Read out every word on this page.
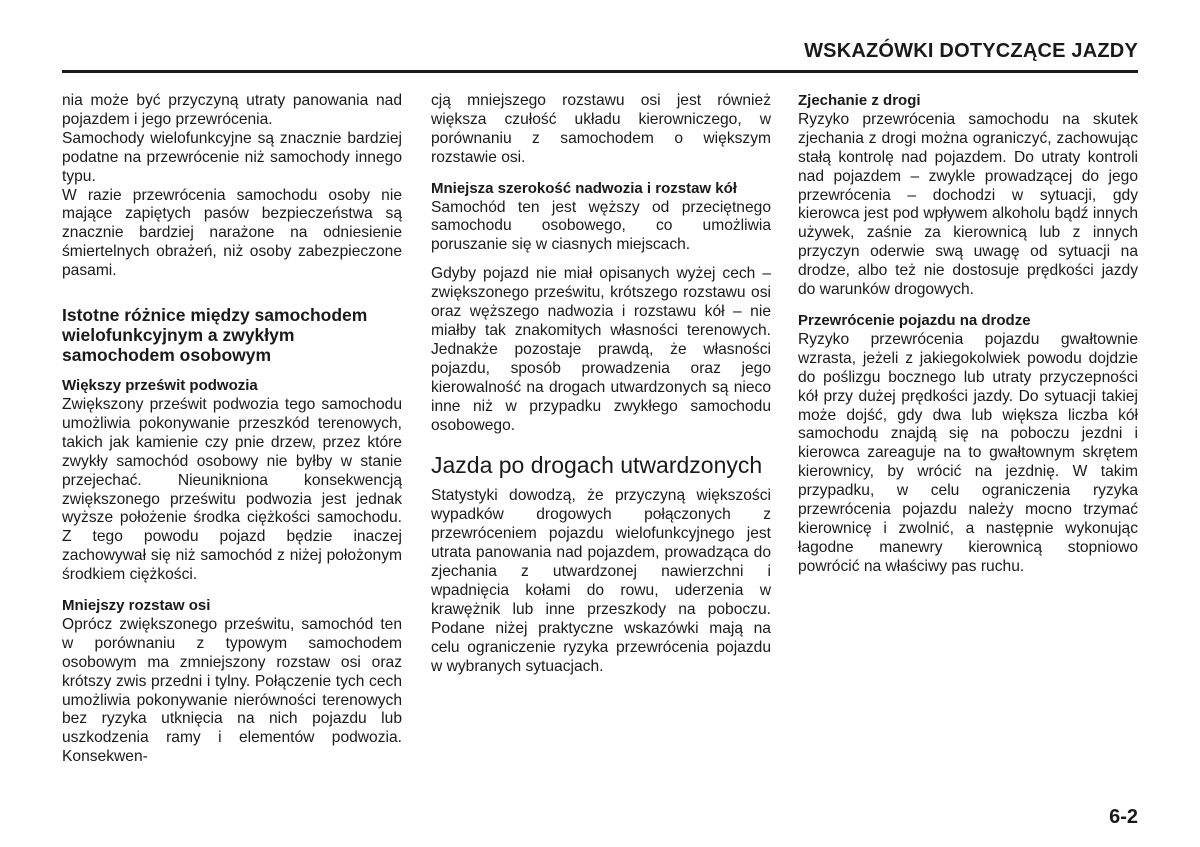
WSKAZÓWKI DOTYCZĄCE JAZDY

nia może być przyczyną utraty panowania nad pojazdem i jego przewrócenia.

Samochody wielofunkcyjne są znacznie bardziej podatne na przewrócenie niż samochody innego typu.

W razie przewrócenia samochodu osoby nie mające zapiętych pasów bezpieczeństwa są znacznie bardziej narażone na odniesienie śmiertelnych obrażeń, niż osoby zabezpieczone pasami.

Istotne różnice między samochodem wielofunkcyjnym a zwykłym samochodem osobowym
Większy prześwit podwozia

Zwiększony prześwit podwozia tego samochodu umożliwia pokonywanie przeszkód terenowych, takich jak kamienie czy pnie drzew, przez które zwykły samochód osobowy nie byłby w stanie przejechać. Nieunikniona konsekwencją zwiększonego prześwitu podwozia jest jednak wyższe położenie środka ciężkości samochodu. Z tego powodu pojazd będzie inaczej zachowywał się niż samochód z niżej położonym środkiem ciężkości.

Mniejszy rozstaw osi

Oprócz zwiększonego prześwitu, samochód ten w porównaniu z typowym samochodem osobowym ma zmniejszony rozstaw osi oraz krótszy zwis przedni i tylny. Połączenie tych cech umożliwia pokonywanie nierówności terenowych bez ryzyka utknięcia na nich pojazdu lub uszkodzenia ramy i elementów podwozia. Konsekwen-

cją mniejszego rozstawu osi jest również większa czułość układu kierowniczego, w porównaniu z samochodem o większym rozstawie osi.

Mniejsza szerokość nadwozia i rozstaw kół

Samochód ten jest węższy od przeciętnego samochodu osobowego, co umożliwia poruszanie się w ciasnych miejscach.

Gdyby pojazd nie miał opisanych wyżej cech – zwiększonego prześwitu, krótszego rozstawu osi oraz węższego nadwozia i rozstawu kół – nie miałby tak znakomitych własności terenowych. Jednakże pozostaje prawdą, że własności pojazdu, sposób prowadzenia oraz jego kierowalność na drogach utwardzonych są nieco inne niż w przypadku zwykłego samochodu osobowego.

Jazda po drogach utwardzonych

Statystyki dowodzą, że przyczyną większości wypadków drogowych połączonych z przewróceniem pojazdu wielofunkcyjnego jest utrata panowania nad pojazdem, prowadząca do zjechania z utwardzonej nawierzchni i wpadnięcia kołami do rowu, uderzenia w krawężnik lub inne przeszkody na poboczu. Podane niżej praktyczne wskazówki mają na celu ograniczenie ryzyka przewrócenia pojazdu w wybranych sytuacjach.

Zjechanie z drogi

Ryzyko przewrócenia samochodu na skutek zjechania z drogi można ograniczyć, zachowując stałą kontrolę nad pojazdem. Do utraty kontroli nad pojazdem – zwykle prowadzącej do jego przewrócenia – dochodzi w sytuacji, gdy kierowca jest pod wpływem alkoholu bądź innych używek, zaśnie za kierownicą lub z innych przyczyn oderwie swą uwagę od sytuacji na drodze, albo też nie dostosuje prędkości jazdy do warunków drogowych.

Przewrócenie pojazdu na drodze

Ryzyko przewrócenia pojazdu gwałtownie wzrasta, jeżeli z jakiegokolwiek powodu dojdzie do poślizgu bocznego lub utraty przyczepności kół przy dużej prędkości jazdy. Do sytuacji takiej może dojść, gdy dwa lub większa liczba kół samochodu znajdą się na poboczu jezdni i kierowca zareaguje na to gwałtownym skrętem kierownicy, by wrócić na jezdnię. W takim przypadku, w celu ograniczenia ryzyka przewrócenia pojazdu należy mocno trzymać kierownicę i zwolnić, a następnie wykonując łagodne manewry kierownicą stopniowo powrócić na właściwy pas ruchu.

6-2
